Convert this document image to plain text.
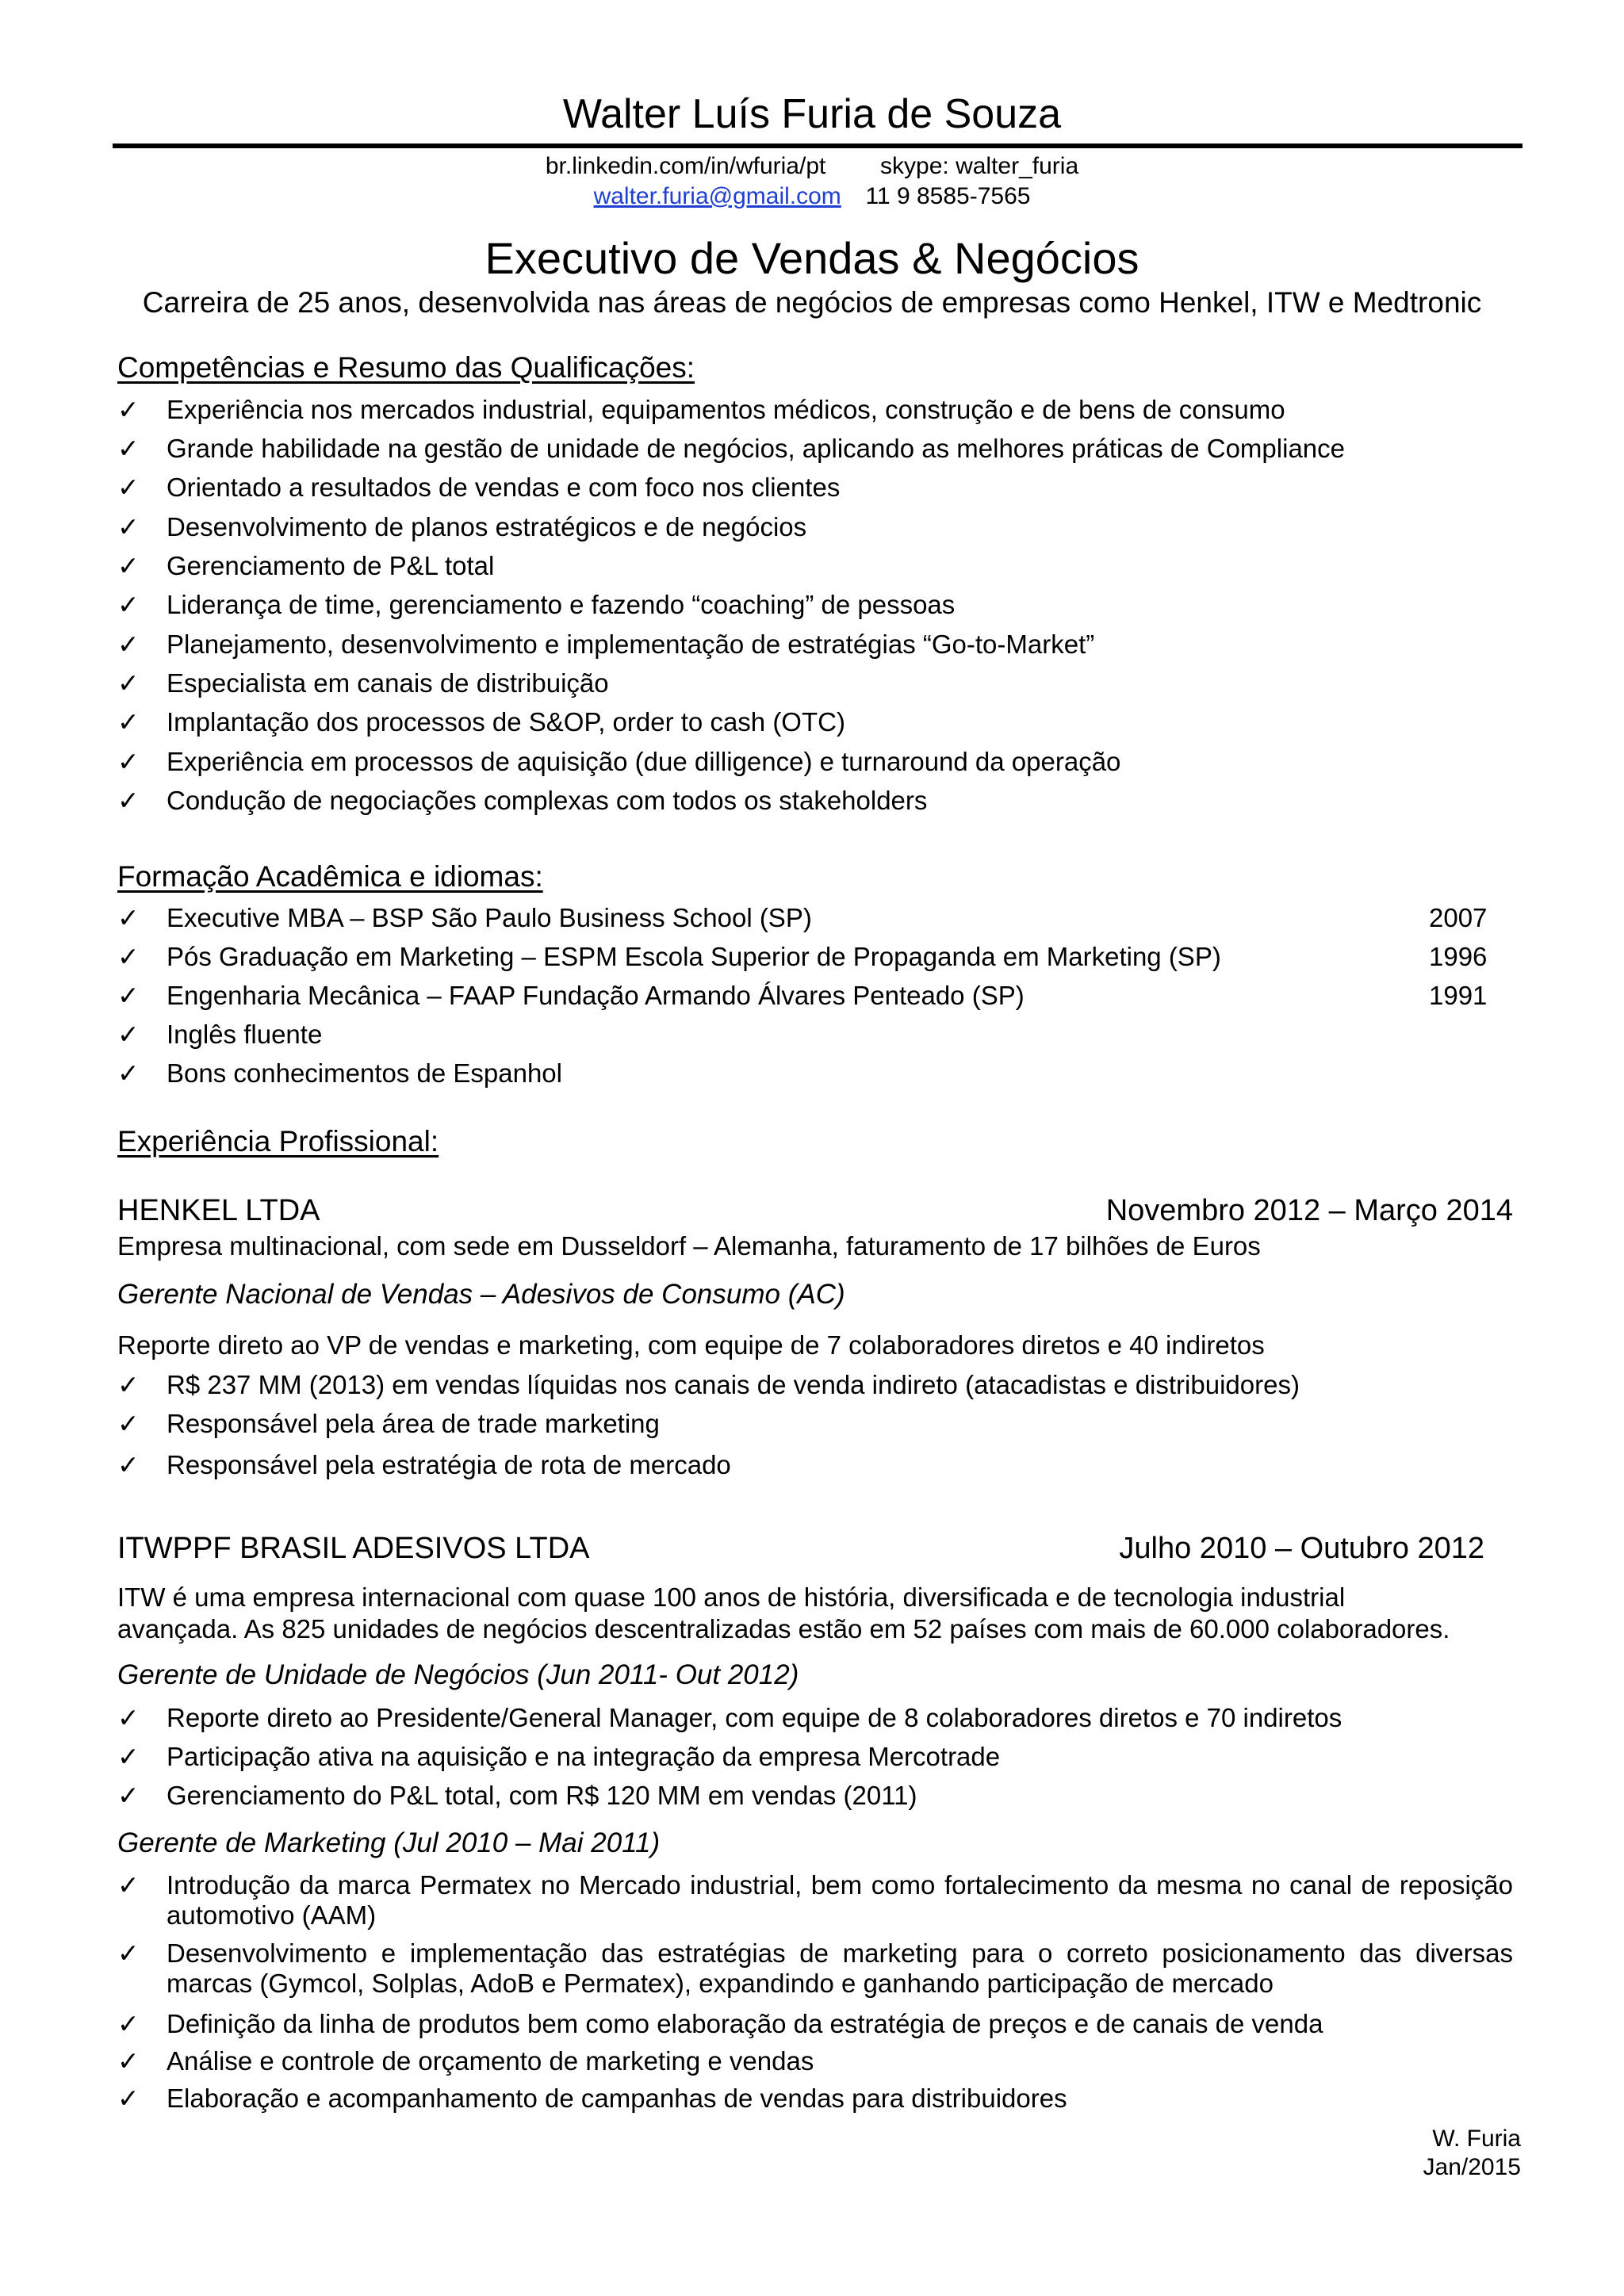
Walter Luís Furia de Souza
br.linkedin.com/in/wfuria/pt skype: walter_furia
walter.furia@gmail.com 11 9 8585-7565
Executivo de Vendas & Negócios
Carreira de 25 anos, desenvolvida nas áreas de negócios de empresas como Henkel, ITW e Medtronic
Competências e Resumo das Qualificações:
✓ Experiência nos mercados industrial, equipamentos médicos, construção e de bens de consumo
✓ Grande habilidade na gestão de unidade de negócios, aplicando as melhores práticas de Compliance
✓ Orientado a resultados de vendas e com foco nos clientes
✓ Desenvolvimento de planos estratégicos e de negócios
✓ Gerenciamento de P&L total
✓ Liderança de time, gerenciamento e fazendo “coaching” de pessoas
✓ Planejamento, desenvolvimento e implementação de estratégias “Go-to-Market”
✓ Especialista em canais de distribuição
✓ Implantação dos processos de S&OP, order to cash (OTC)
✓ Experiência em processos de aquisição (due dilligence) e turnaround da operação
✓ Condução de negociações complexas com todos os stakeholders
Formação Acadêmica e idiomas:
✓ Executive MBA – BSP São Paulo Business School (SP)	2007
✓ Pós Graduação em Marketing – ESPM Escola Superior de Propaganda em Marketing (SP)	1996
✓ Engenharia Mecânica – FAAP Fundação Armando Álvares Penteado (SP)	1991
✓ Inglês fluente
✓ Bons conhecimentos de Espanhol
Experiência Profissional:
HENKEL LTDA	Novembro 2012 – Março 2014
Empresa multinacional, com sede em Dusseldorf – Alemanha, faturamento de 17 bilhões de Euros
Gerente Nacional de Vendas – Adesivos de Consumo (AC)
Reporte direto ao VP de vendas e marketing, com equipe de 7 colaboradores diretos e 40 indiretos
✓ R$ 237 MM (2013) em vendas líquidas nos canais de venda indireto (atacadistas e distribuidores)
✓ Responsável pela área de trade marketing
✓ Responsável pela estratégia de rota de mercado
ITWPPF BRASIL ADESIVOS LTDA	Julho 2010 – Outubro 2012
ITW é uma empresa internacional com quase 100 anos de história, diversificada e de tecnologia industrial
avançada. As 825 unidades de negócios descentralizadas estão em 52 países com mais de 60.000 colaboradores.
Gerente de Unidade de Negócios (Jun 2011- Out 2012)
✓ Reporte direto ao Presidente/General Manager, com equipe de 8 colaboradores diretos e 70 indiretos
✓ Participação ativa na aquisição e na integração da empresa Mercotrade
✓ Gerenciamento do P&L total, com R$ 120 MM em vendas (2011)
Gerente de Marketing (Jul 2010 – Mai 2011)
✓ Introdução da marca Permatex no Mercado industrial, bem como fortalecimento da mesma no canal de reposição automotivo (AAM)
✓ Desenvolvimento e implementação das estratégias de marketing para o correto posicionamento das diversas marcas (Gymcol, Solplas, AdoB e Permatex), expandindo e ganhando participação de mercado
✓ Definição da linha de produtos bem como elaboração da estratégia de preços e de canais de venda
✓ Análise e controle de orçamento de marketing e vendas
✓ Elaboração e acompanhamento de campanhas de vendas para distribuidores
W. Furia
Jan/2015
